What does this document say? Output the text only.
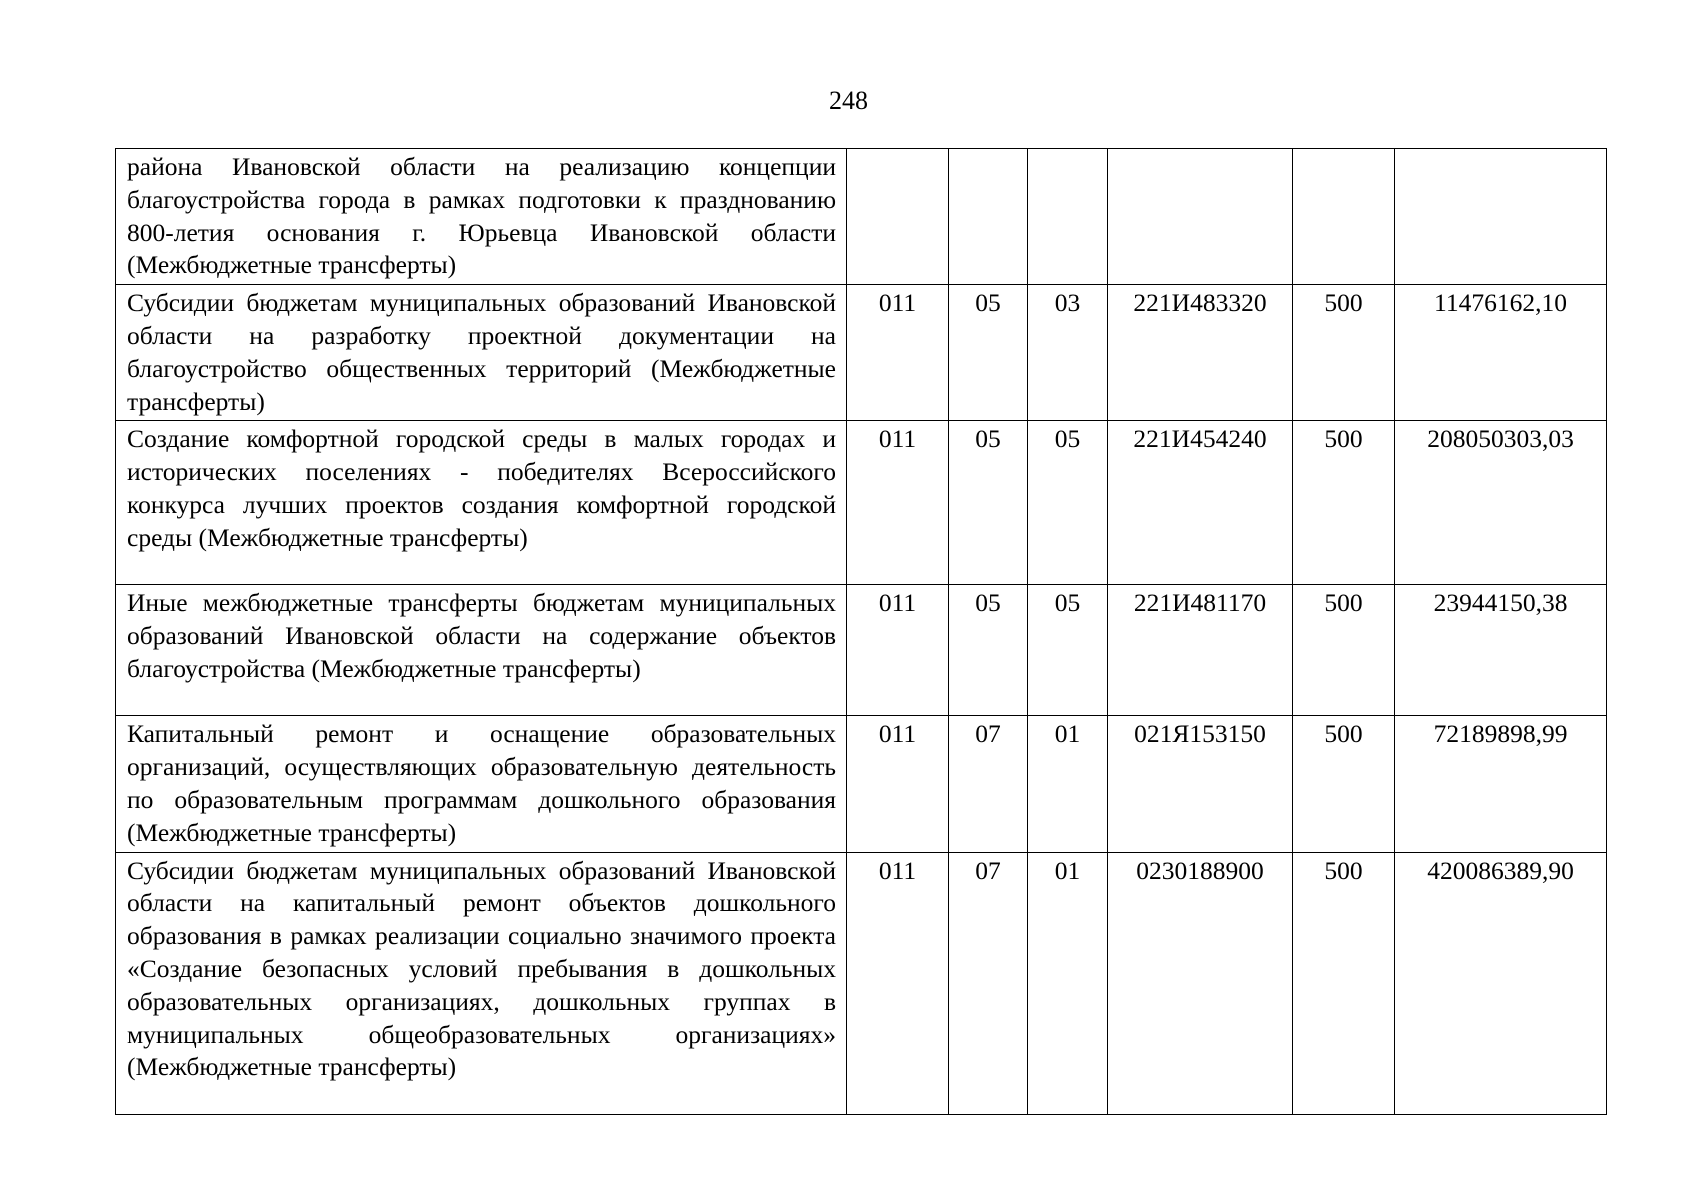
248
района Ивановской области на реализацию концепции благоустройства города в рамках подготовки к празднованию 800-летия основания г. Юрьевца Ивановской области (Межбюджетные трансферты)						
Субсидии бюджетам муниципальных образований Ивановской области на разработку проектной документации на благоустройство общественных территорий (Межбюджетные трансферты)	011	05	03	221И483320	500	11476162,10
Создание комфортной городской среды в малых городах и исторических поселениях - победителях Всероссийского конкурса лучших проектов создания комфортной городской среды (Межбюджетные трансферты)	011	05	05	221И454240	500	208050303,03
Иные межбюджетные трансферты бюджетам муниципальных образований Ивановской области на содержание объектов благоустройства (Межбюджетные трансферты)	011	05	05	221И481170	500	23944150,38
Капитальный ремонт и оснащение образовательных организаций, осуществляющих образовательную деятельность по образовательным программам дошкольного образования (Межбюджетные трансферты)	011	07	01	021Я153150	500	72189898,99
Субсидии бюджетам муниципальных образований Ивановской области на капитальный ремонт объектов дошкольного образования в рамках реализации социально значимого проекта «Создание безопасных условий пребывания в дошкольных образовательных организациях, дошкольных группах в муниципальных общеобразовательных организациях» (Межбюджетные трансферты)	011	07	01	0230188900	500	420086389,90
